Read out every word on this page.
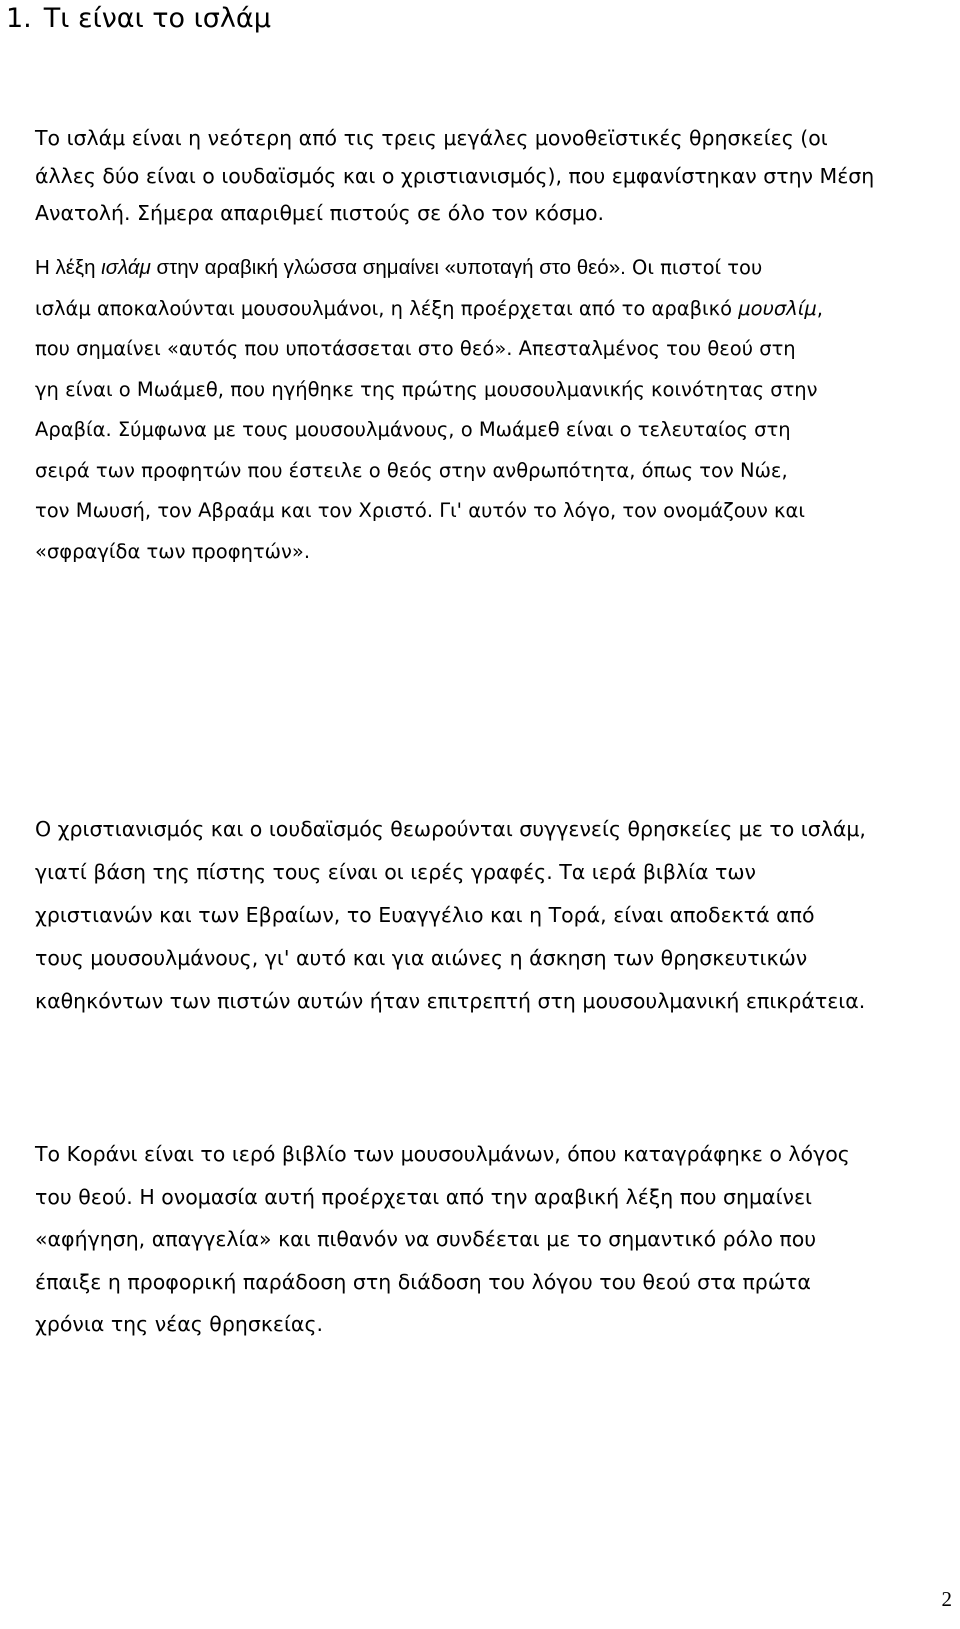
1. Τι είναι το ισλάμ

Το ισλάμ είναι η νεότερη από τις τρεις μεγάλες μονοθεϊστικές θρησκείες (οι
άλλες δύο είναι ο ιουδαϊσμός και ο χριστιανισμός), που εμφανίστηκαν στην Μέση
Ανατολή. Σήμερα απαριθμεί πιστούς σε όλο τον κόσμο.

Η λέξη ισλάμ στην αραβική γλώσσα σημαίνει «υποταγή στο θεό». Οι πιστοί του
ισλάμ αποκαλούνται μουσουλμάνοι, η λέξη προέρχεται από το αραβικό μουσλίμ,
που σημαίνει «αυτός που υποτάσσεται στο θεό». Απεσταλμένος του θεού στη
γη είναι ο Μωάμεθ, που ηγήθηκε της πρώτης μουσουλμανικής κοινότητας στην
Αραβία. Σύμφωνα με τους μουσουλμάνους, ο Μωάμεθ είναι ο τελευταίος στη
σειρά των προφητών που έστειλε ο θεός στην ανθρωπότητα, όπως τον Νώε,
τον Μωυσή, τον Αβραάμ και τον Χριστό. Γι' αυτόν το λόγο, τον ονομάζουν και
«σφραγίδα των προφητών».

Ο χριστιανισμός και ο ιουδαϊσμός θεωρούνται συγγενείς θρησκείες με το ισλάμ,
γιατί βάση της πίστης τους είναι οι ιερές γραφές. Τα ιερά βιβλία των
χριστιανών και των Εβραίων, το Ευαγγέλιο και η Τορά, είναι αποδεκτά από
τους μουσουλμάνους, γι' αυτό και για αιώνες η άσκηση των θρησκευτικών
καθηκόντων των πιστών αυτών ήταν επιτρεπτή στη μουσουλμανική επικράτεια.

Το Κοράνι είναι το ιερό βιβλίο των μουσουλμάνων, όπου καταγράφηκε ο λόγος
του θεού. Η ονομασία αυτή προέρχεται από την αραβική λέξη που σημαίνει
«αφήγηση, απαγγελία» και πιθανόν να συνδέεται με το σημαντικό ρόλο που
έπαιξε η προφορική παράδοση στη διάδοση του λόγου του θεού στα πρώτα
χρόνια της νέας θρησκείας.

2
